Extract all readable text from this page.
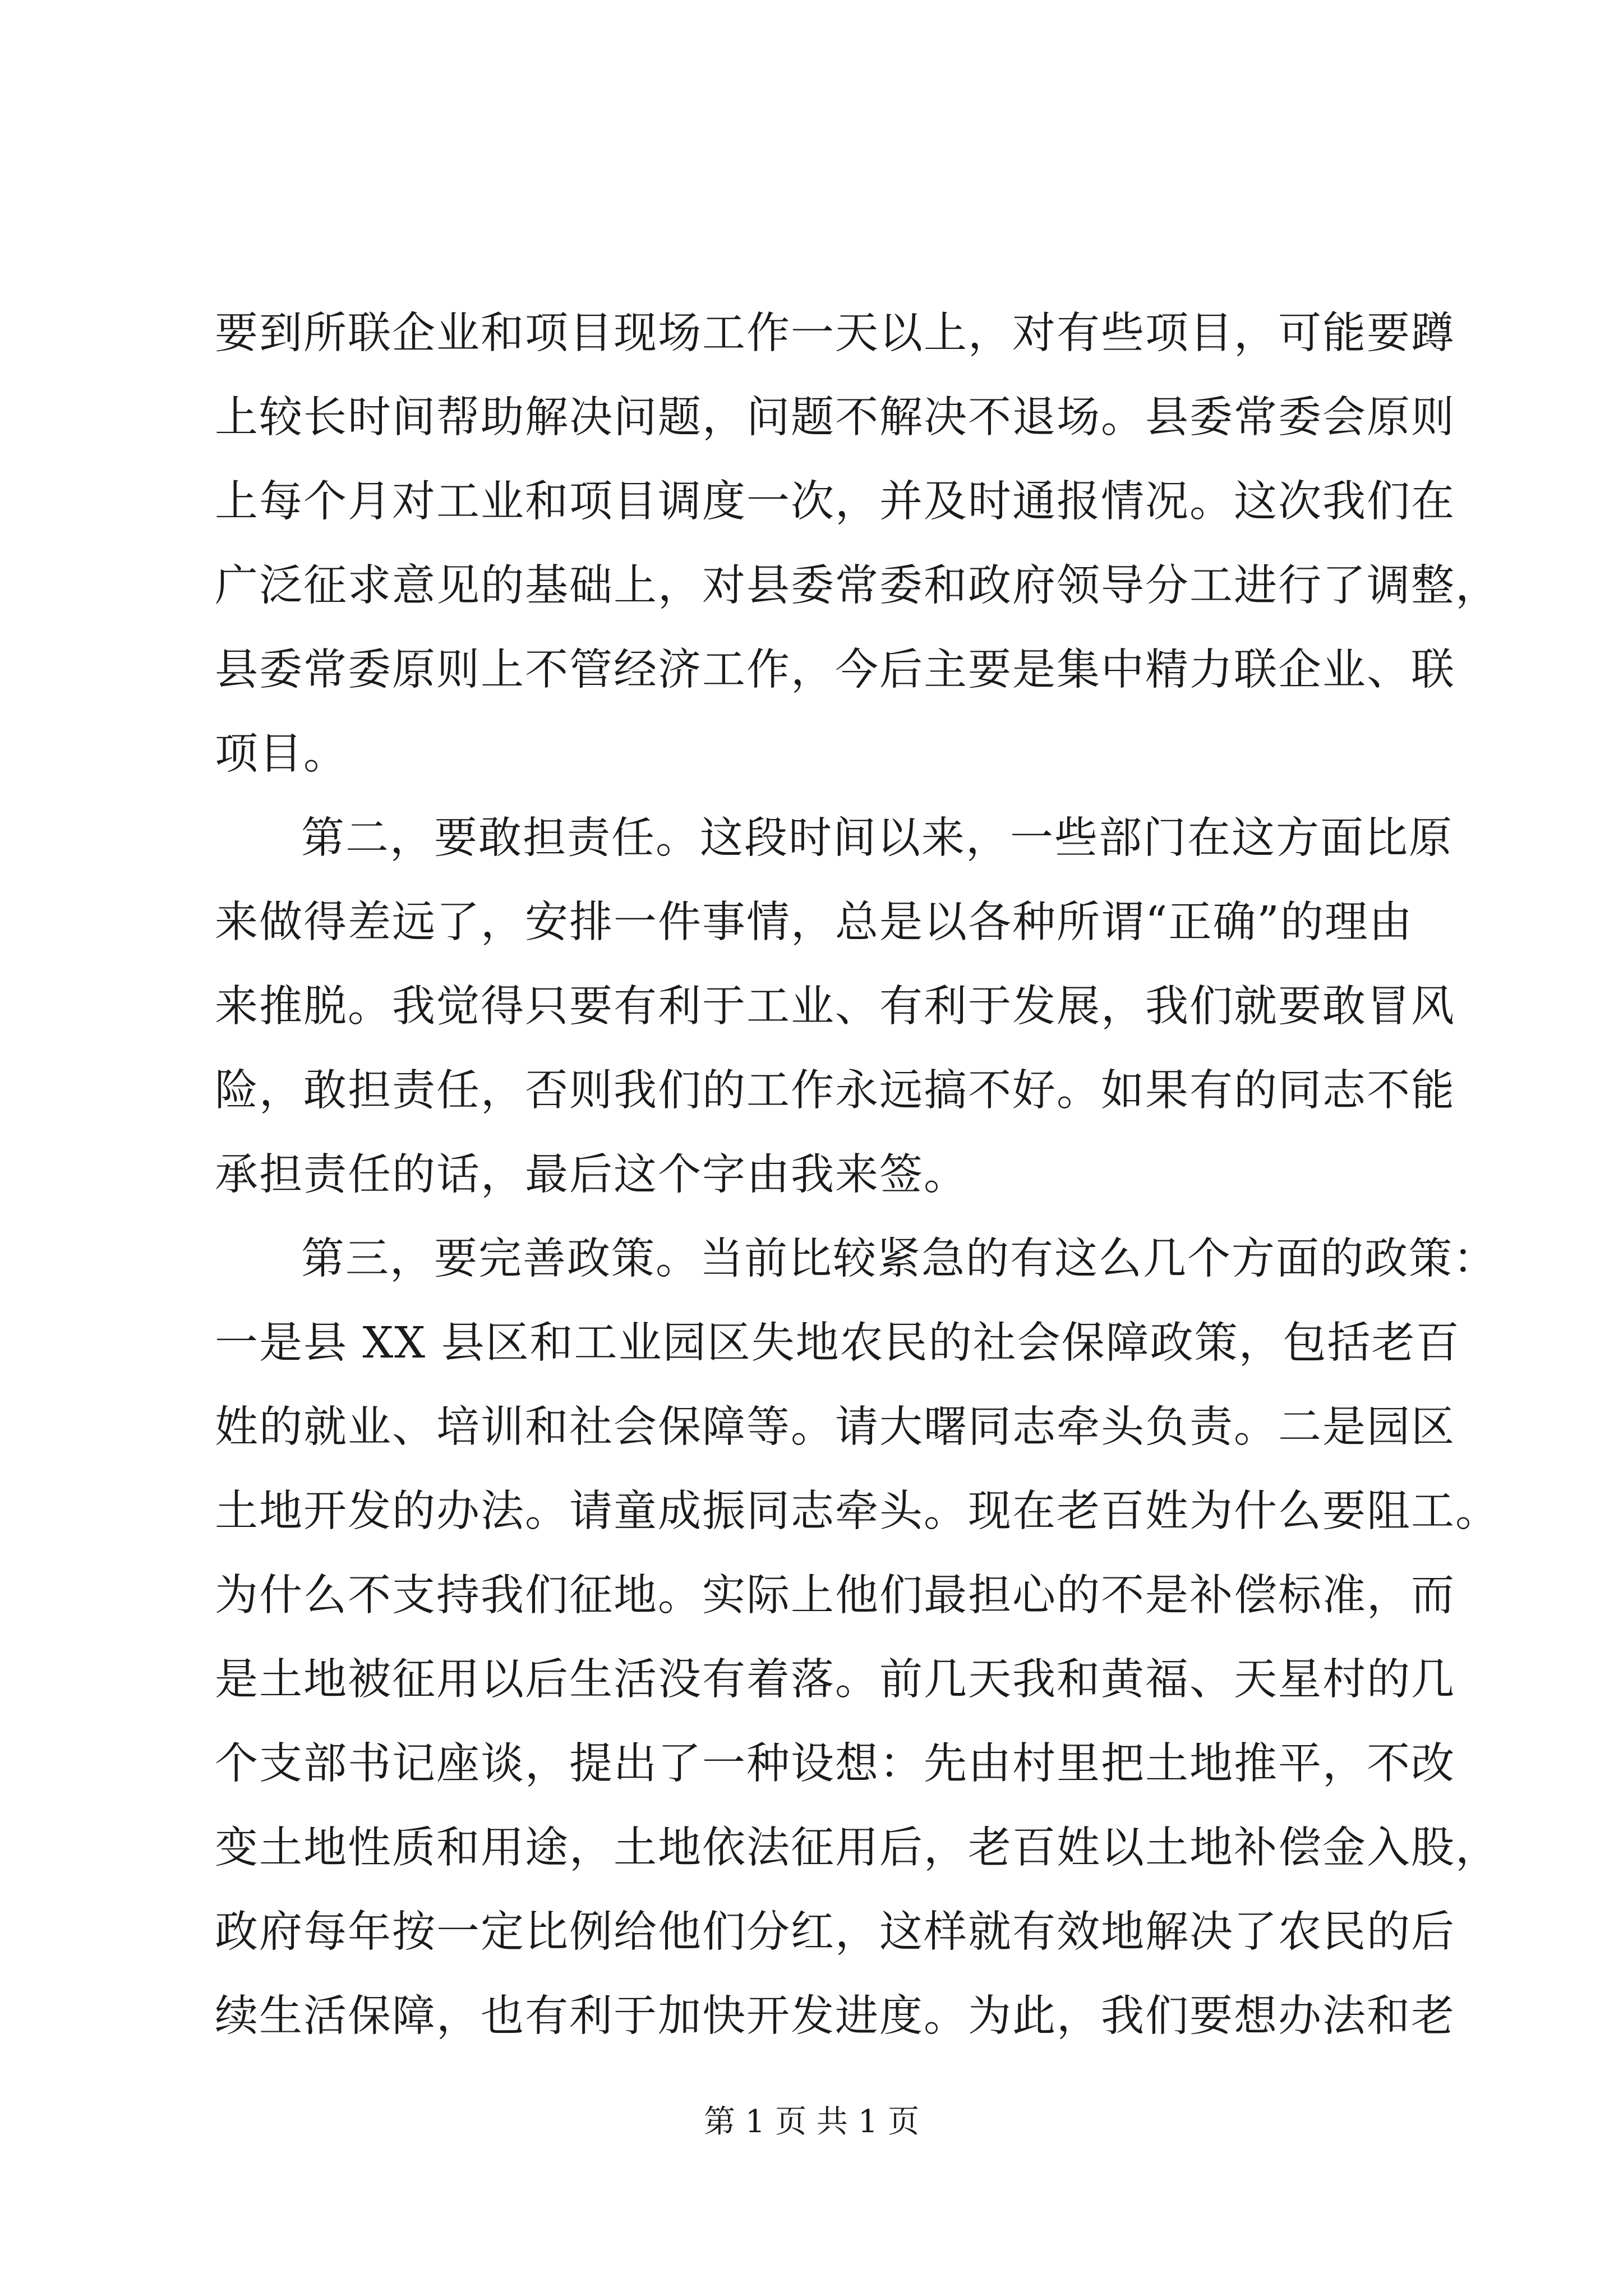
要到所联企业和项目现场工作一天以上，对有些项目，可能要蹲
上较长时间帮助解决问题，问题不解决不退场。县委常委会原则
上每个月对工业和项目调度一次，并及时通报情况。这次我们在
广泛征求意见的基础上，对县委常委和政府领导分工进行了调整，
县委常委原则上不管经济工作，今后主要是集中精力联企业、联
项目。
第二，要敢担责任。这段时间以来，一些部门在这方面比原
来做得差远了，安排一件事情，总是以各种所谓“正确”的理由
来推脱。我觉得只要有利于工业、有利于发展，我们就要敢冒风
险，敢担责任，否则我们的工作永远搞不好。如果有的同志不能
承担责任的话，最后这个字由我来签。
第三，要完善政策。当前比较紧急的有这么几个方面的政策：
一是县 XX 县区和工业园区失地农民的社会保障政策，包括老百
姓的就业、培训和社会保障等。请大曙同志牵头负责。二是园区
土地开发的办法。请童成振同志牵头。现在老百姓为什么要阻工。
为什么不支持我们征地。实际上他们最担心的不是补偿标准，而
是土地被征用以后生活没有着落。前几天我和黄福、天星村的几
个支部书记座谈，提出了一种设想：先由村里把土地推平，不改
变土地性质和用途，土地依法征用后，老百姓以土地补偿金入股，
政府每年按一定比例给他们分红，这样就有效地解决了农民的后
续生活保障，也有利于加快开发进度。为此，我们要想办法和老
第 1 页 共 1 页
